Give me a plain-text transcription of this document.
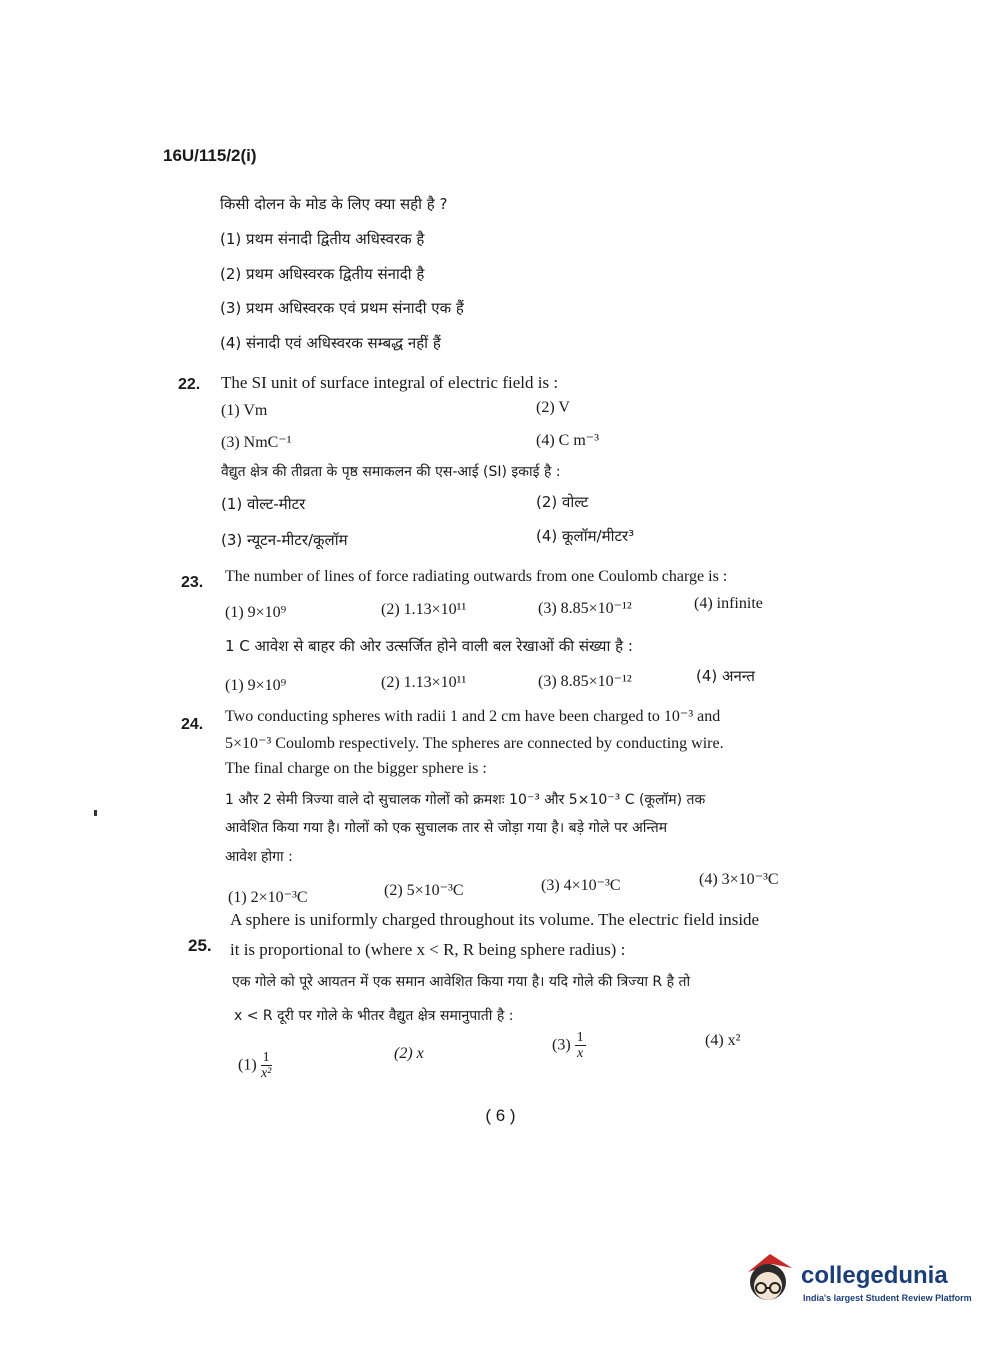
16U/115/2(i)
किसी दोलन के मोड के लिए क्या सही है ?
(1) प्रथम संनादी द्वितीय अधिस्वरक है
(2) प्रथम अधिस्वरक द्वितीय संनादी है
(3) प्रथम अधिस्वरक एवं प्रथम संनादी एक हैं
(4) संनादी एवं अधिस्वरक सम्बद्ध नहीं हैं
22. The SI unit of surface integral of electric field is :
(1) Vm	(2) V
(3) NmC⁻¹	(4) C m⁻³
वैद्युत क्षेत्र की तीव्रता के पृष्ठ समाकलन की एस-आई (SI) इकाई है :
(1) वोल्ट-मीटर	(2) वोल्ट
(3) न्यूटन-मीटर/कूलॉम	(4) कूलॉम/मीटर³
23. The number of lines of force radiating outwards from one Coulomb charge is :
(1) 9×10⁹	(2) 1.13×10¹¹	(3) 8.85×10⁻¹²	(4) infinite
1 C आवेश से बाहर की ओर उत्सर्जित होने वाली बल रेखाओं की संख्या है :
(1) 9×10⁹	(2) 1.13×10¹¹	(3) 8.85×10⁻¹²	(4) अनन्त
24. Two conducting spheres with radii 1 and 2 cm have been charged to 10⁻³ and
5×10⁻³ Coulomb respectively. The spheres are connected by conducting wire.
The final charge on the bigger sphere is :
1 और 2 सेमी त्रिज्या वाले दो सुचालक गोलों को क्रमशः 10⁻³ और 5×10⁻³ C (कूलॉम) तक
आवेशित किया गया है। गोलों को एक सुचालक तार से जोड़ा गया है। बड़े गोले पर अन्तिम
आवेश होगा :
(1) 2×10⁻³C	(2) 5×10⁻³C	(3) 4×10⁻³C	(4) 3×10⁻³C
25.
A sphere is uniformly charged throughout its volume. The electric field inside
it is proportional to (where x < R, R being sphere radius) :
एक गोले को पूरे आयतन में एक समान आवेशित किया गया है। यदि गोले की त्रिज्या R है तो
x < R दूरी पर गोले के भीतर वैद्युत क्षेत्र समानुपाती है :
$(1) \frac{1}{\text{x²}}$	(2) x	$(3) \frac{1}{x}$	(4) x²
( 6 )
collegedunia
India's largest Student Review Platform
